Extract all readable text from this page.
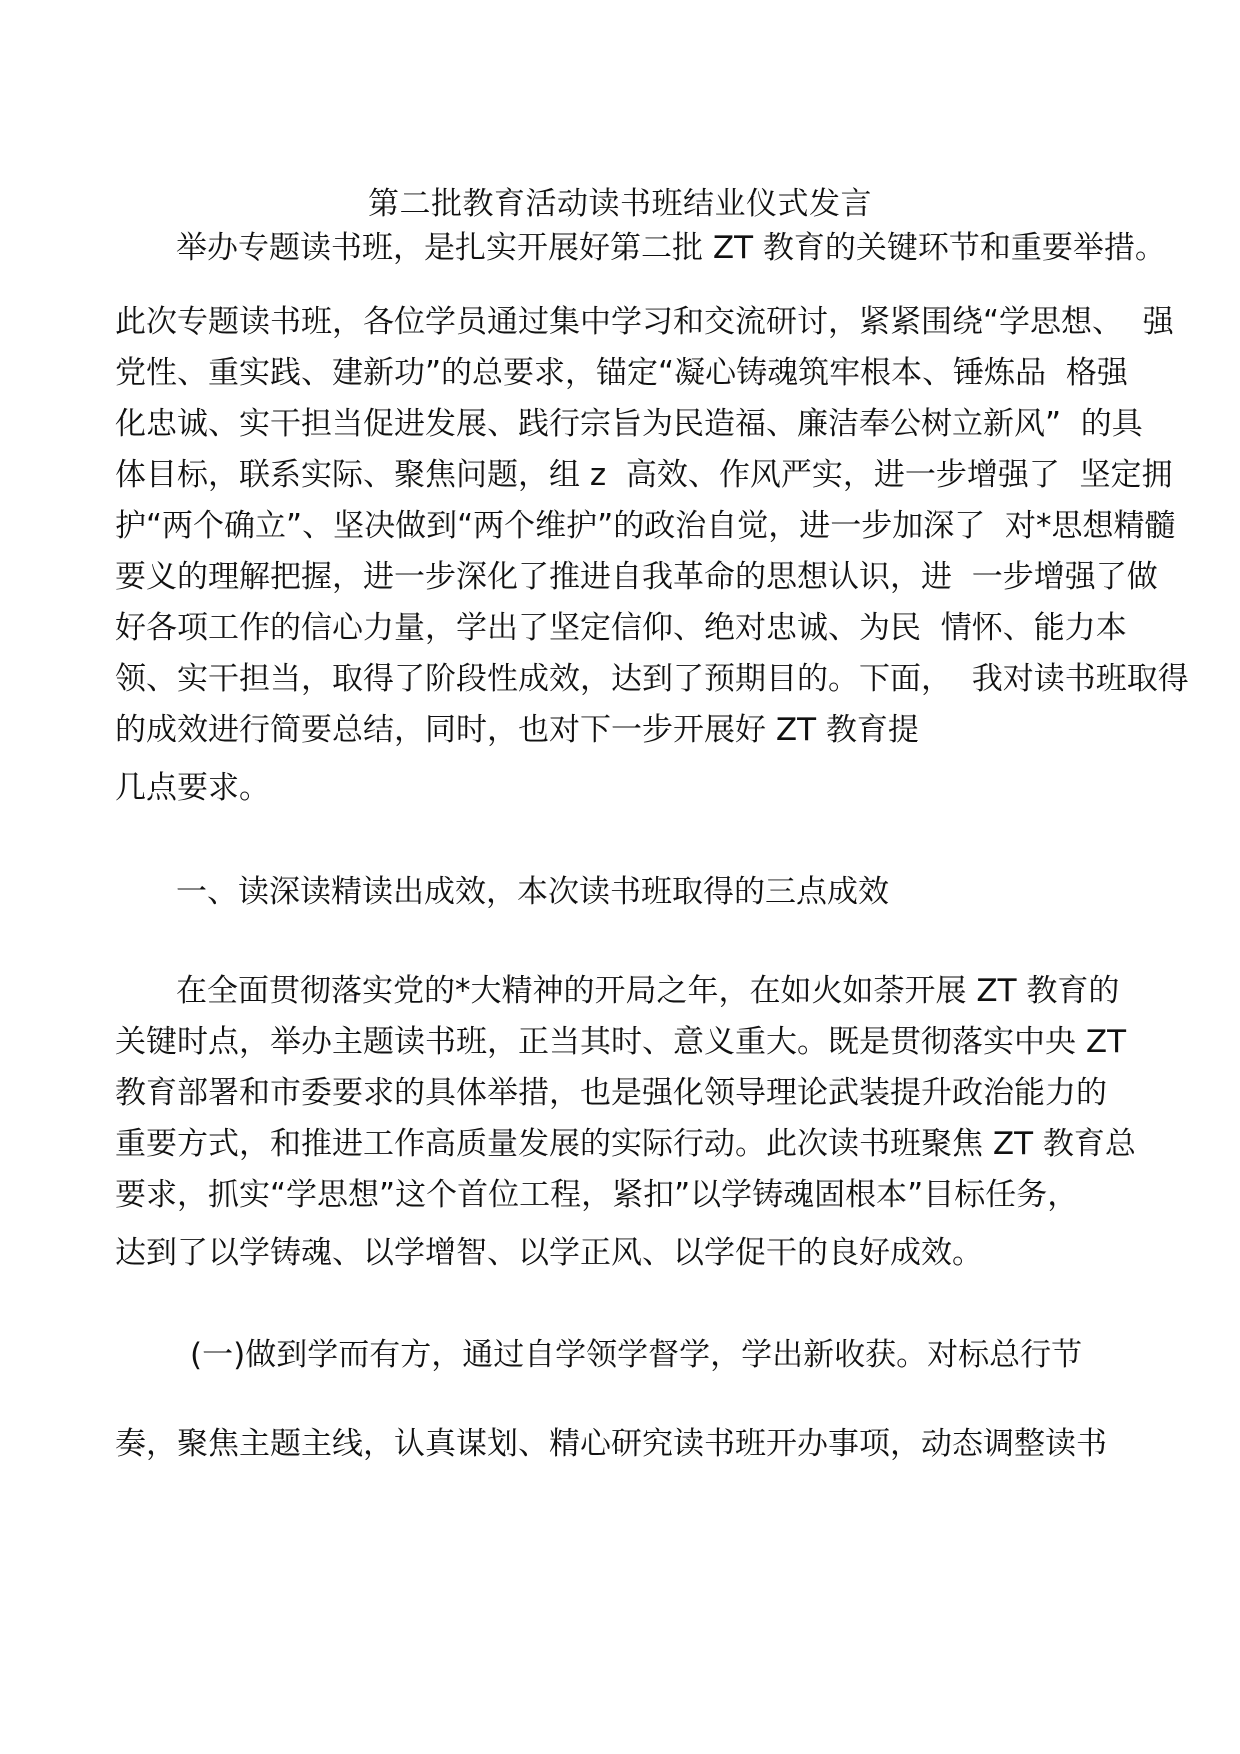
第二批教育活动读书班结业仪式发言
举办专题读书班，是扎实开展好第二批 ZT 教育的关键环节和重要举措。
此次专题读书班，各位学员通过集中学习和交流研讨，紧紧围绕“学思想、  强
党性、重实践、建新功”的总要求，锚定“凝心铸魂筑牢根本、锤炼品  格强
化忠诚、实干担当促进发展、践行宗旨为民造福、廉洁奉公树立新风”  的具
体目标，联系实际、聚焦问题，组 z  高效、作风严实，进一步增强了  坚定拥
护“两个确立”、坚决做到“两个维护”的政治自觉，进一步加深了  对*思想精髓
要义的理解把握，进一步深化了推进自我革命的思想认识，进  一步增强了做
好各项工作的信心力量，学出了坚定信仰、绝对忠诚、为民  情怀、能力本
领、实干担当，取得了阶段性成效，达到了预期目的。下面，  我对读书班取得
的成效进行简要总结，同时，也对下一步开展好 ZT 教育提
几点要求。
一、读深读精读出成效，本次读书班取得的三点成效
在全面贯彻落实党的*大精神的开局之年，在如火如荼开展 ZT 教育的
关键时点，举办主题读书班，正当其时、意义重大。既是贯彻落实中央 ZT
教育部署和市委要求的具体举措，也是强化领导理论武装提升政治能力的
重要方式，和推进工作高质量发展的实际行动。此次读书班聚焦 ZT 教育总
要求，抓实“学思想”这个首位工程，紧扣”以学铸魂固根本”目标任务，
达到了以学铸魂、以学增智、以学正风、以学促干的良好成效。
(一)做到学而有方，通过自学领学督学，学出新收获。对标总行节
奏，聚焦主题主线，认真谋划、精心研究读书班开办事项，动态调整读书
